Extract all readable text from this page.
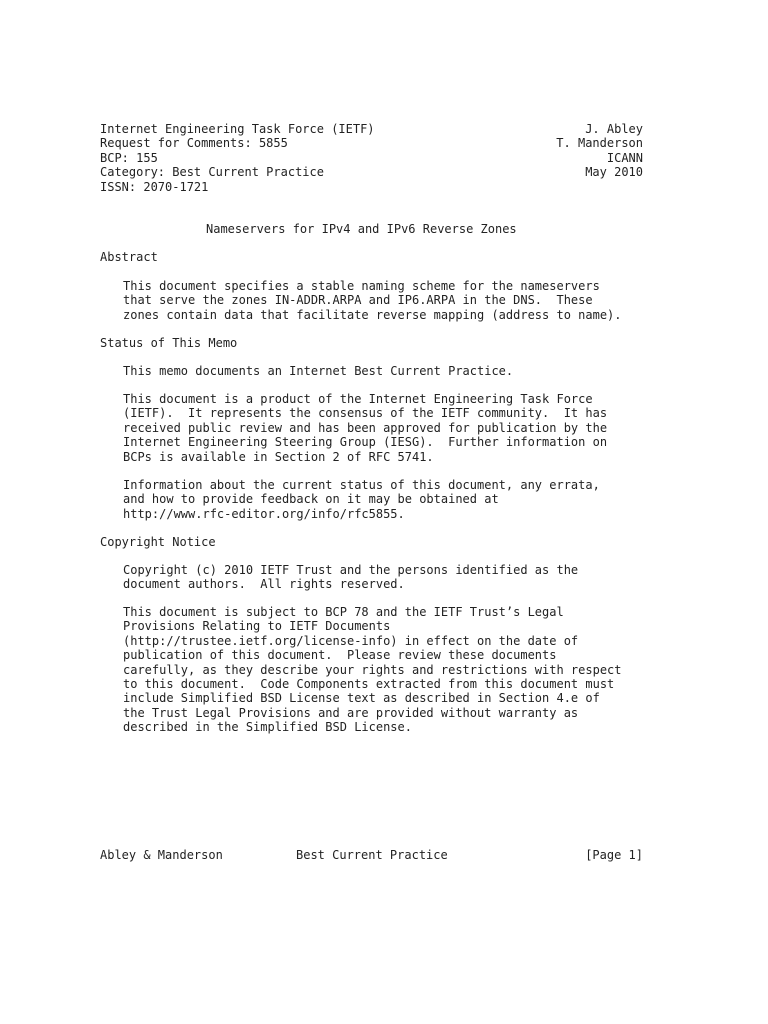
Internet Engineering Task Force (IETF)
Request for Comments: 5855
BCP: 155
Category: Best Current Practice
ISSN: 2070-1721
J. Abley
T. Manderson
ICANN
May 2010
Nameservers for IPv4 and IPv6 Reverse Zones
Abstract
This document specifies a stable naming scheme for the nameservers
that serve the zones IN-ADDR.ARPA and IP6.ARPA in the DNS.  These
zones contain data that facilitate reverse mapping (address to name).
Status of This Memo
This memo documents an Internet Best Current Practice.
This document is a product of the Internet Engineering Task Force
(IETF).  It represents the consensus of the IETF community.  It has
received public review and has been approved for publication by the
Internet Engineering Steering Group (IESG).  Further information on
BCPs is available in Section 2 of RFC 5741.
Information about the current status of this document, any errata,
and how to provide feedback on it may be obtained at
http://www.rfc-editor.org/info/rfc5855.
Copyright Notice
Copyright (c) 2010 IETF Trust and the persons identified as the
document authors.  All rights reserved.
This document is subject to BCP 78 and the IETF Trust’s Legal
Provisions Relating to IETF Documents
(http://trustee.ietf.org/license-info) in effect on the date of
publication of this document.  Please review these documents
carefully, as they describe your rights and restrictions with respect
to this document.  Code Components extracted from this document must
include Simplified BSD License text as described in Section 4.e of
the Trust Legal Provisions and are provided without warranty as
described in the Simplified BSD License.
Abley & Manderson	Best Current Practice	[Page 1]
